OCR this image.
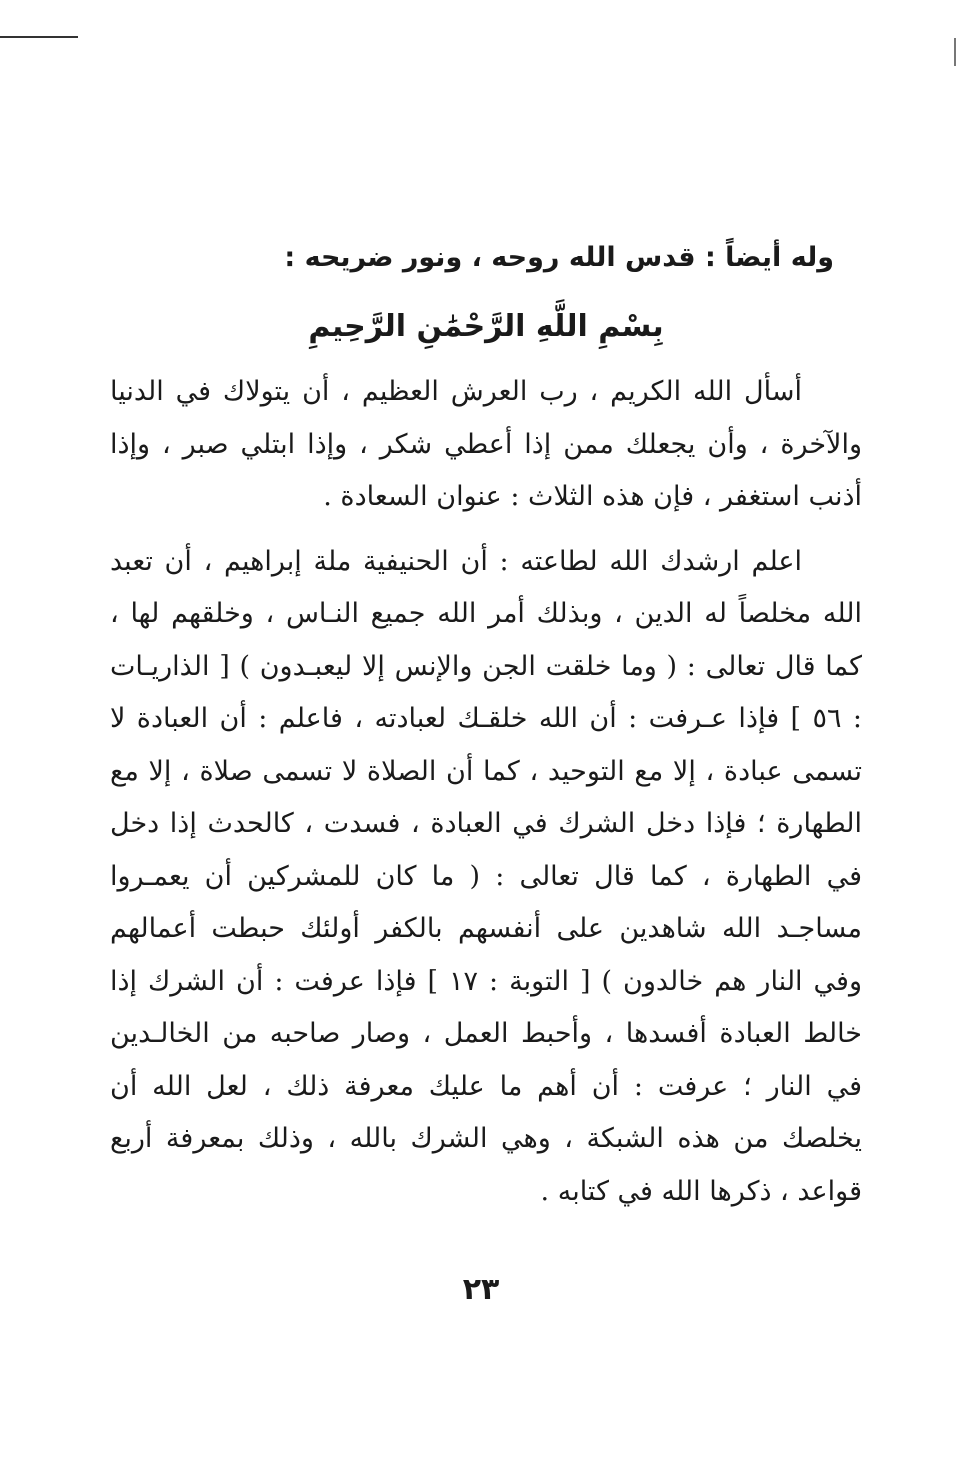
وله أيضاً : قدس الله روحه ، ونور ضريحه :
بِسْمِ اللَّهِ الرَّحْمَٰنِ الرَّحِيمِ

أسأل الله الكريم ، رب العرش العظيم ، أن يتولاك في الدنيا والآخرة ، وأن يجعلك ممن إذا أعطي شكر ، وإذا ابتلي صبر ، وإذا أذنب استغفر ، فإن هذه الثلاث : عنوان السعادة .

اعلم ارشدك الله لطاعته : أن الحنيفية ملة إبراهيم ، أن تعبد الله مخلصاً له الدين ، وبذلك أمر الله جميع النـاس ، وخلقهم لها ، كما قال تعالى : ( وما خلقت الجن والإنس إلا ليعبـدون ) [ الذاريـات : ٥٦ ] فإذا عـرفت : أن الله خلقـك لعبادته ، فاعلم : أن العبادة لا تسمى عبادة ، إلا مع التوحيد ، كما أن الصلاة لا تسمى صلاة ، إلا مع الطهارة ؛ فإذا دخل الشرك في العبادة ، فسدت ، كالحدث إذا دخل في الطهارة ، كما قال تعالى : ( ما كان للمشركين أن يعمـروا مساجـد الله شاهدين على أنفسهم بالكفر أولئك حبطت أعمالهم وفي النار هم خالدون ) [ التوبة : ١٧ ] فإذا عرفت : أن الشرك إذا خالط العبادة أفسدها ، وأحبط العمل ، وصار صاحبه من الخالـدين في النار ؛ عرفت : أن أهم ما عليك معرفة ذلك ، لعل الله أن يخلصك من هذه الشبكة ، وهي الشرك بالله ، وذلك بمعرفة أربع قواعد ، ذكرها الله في كتابه .

٢٣
